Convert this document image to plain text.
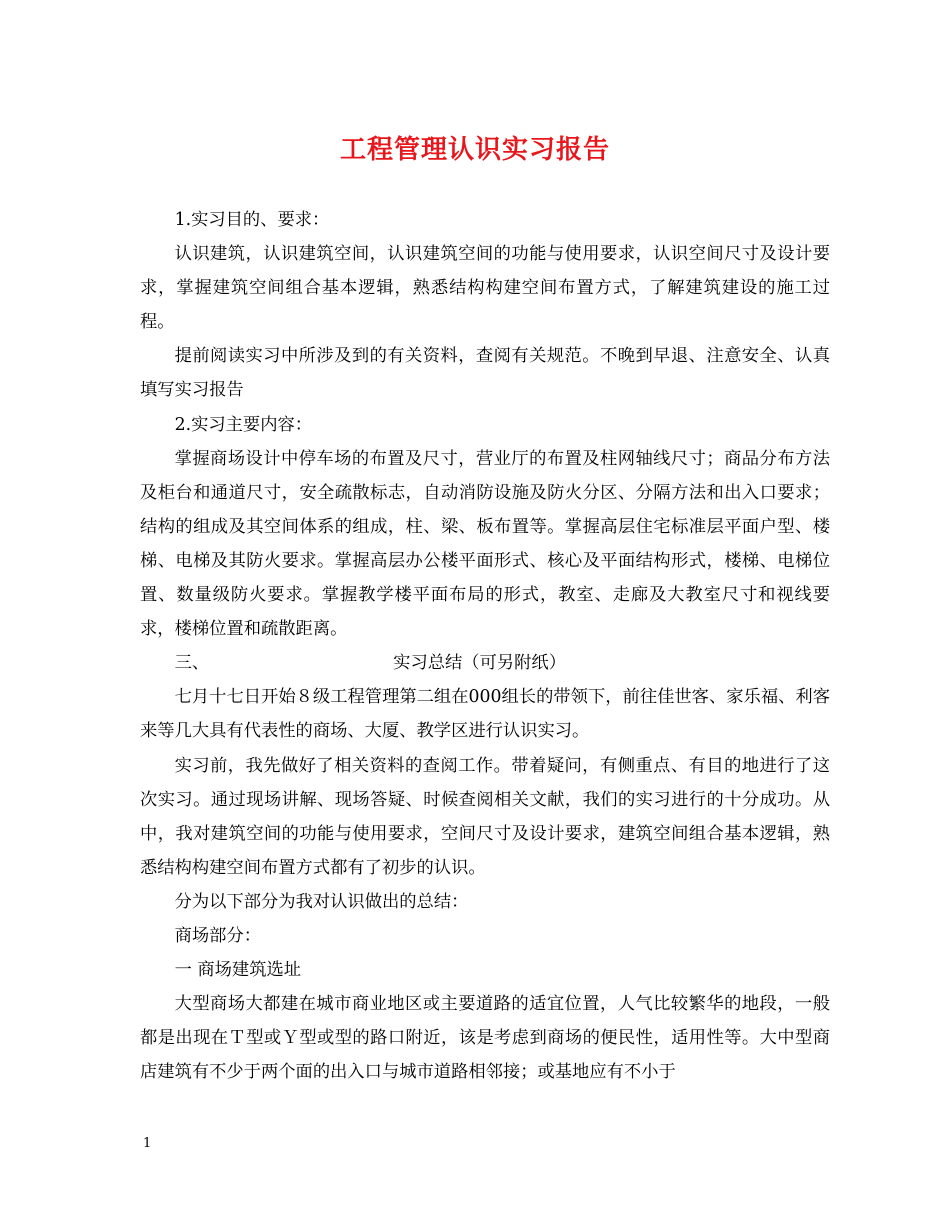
工程管理认识实习报告

1.实习目的、要求：

认识建筑，认识建筑空间，认识建筑空间的功能与使用要求，认识空间尺寸及设计要求，掌握建筑空间组合基本逻辑，熟悉结构构建空间布置方式，了解建筑建设的施工过程。

提前阅读实习中所涉及到的有关资料，查阅有关规范。不晚到早退、注意安全、认真填写实习报告

2.实习主要内容：

掌握商场设计中停车场的布置及尺寸，营业厅的布置及柱网轴线尺寸；商品分布方法及柜台和通道尺寸，安全疏散标志，自动消防设施及防火分区、分隔方法和出入口要求；结构的组成及其空间体系的组成，柱、梁、板布置等。掌握高层住宅标准层平面户型、楼梯、电梯及其防火要求。掌握高层办公楼平面形式、核心及平面结构形式，楼梯、电梯位置、数量级防火要求。掌握教学楼平面布局的形式，教室、走廊及大教室尺寸和视线要求，楼梯位置和疏散距离。

三、	实习总结（可另附纸）

七月十七日开始８级工程管理第二组在000组长的带领下，前往佳世客、家乐福、利客来等几大具有代表性的商场、大厦、教学区进行认识实习。

实习前，我先做好了相关资料的查阅工作。带着疑问，有侧重点、有目的地进行了这次实习。通过现场讲解、现场答疑、时候查阅相关文献，我们的实习进行的十分成功。从中，我对建筑空间的功能与使用要求，空间尺寸及设计要求，建筑空间组合基本逻辑，熟悉结构构建空间布置方式都有了初步的认识。

分为以下部分为我对认识做出的总结：

商场部分：

一 商场建筑选址

大型商场大都建在城市商业地区或主要道路的适宜位置，人气比较繁华的地段，一般都是出现在Ｔ型或Ｙ型或型的路口附近，该是考虑到商场的便民性，适用性等。大中型商店建筑有不少于两个面的出入口与城市道路相邻接；或基地应有不小于

1
